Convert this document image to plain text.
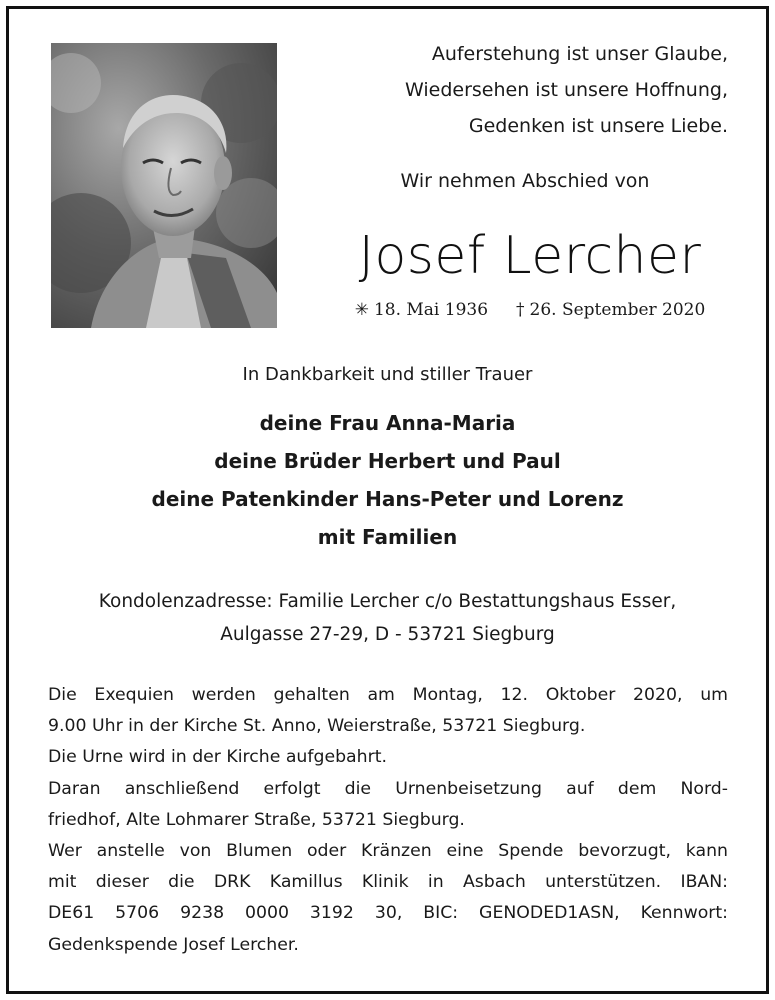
Auferstehung ist unser Glaube,
Wiedersehen ist unsere Hoffnung,
Gedenken ist unsere Liebe.
Wir nehmen Abschied von
Josef Lercher
✳ 18. Mai 1936 † 26. September 2020
In Dankbarkeit und stiller Trauer
deine Frau Anna-Maria
deine Brüder Herbert und Paul
deine Patenkinder Hans-Peter und Lorenz
mit Familien
Kondolenzadresse: Familie Lercher c/o Bestattungshaus Esser,
Aulgasse 27-29, D - 53721 Siegburg
Die Exequien werden gehalten am Montag, 12. Oktober 2020, um
9.00 Uhr in der Kirche St. Anno, Weierstraße, 53721 Siegburg.
Die Urne wird in der Kirche aufgebahrt.
Daran anschließend erfolgt die Urnenbeisetzung auf dem Nord-
friedhof, Alte Lohmarer Straße, 53721 Siegburg.
Wer anstelle von Blumen oder Kränzen eine Spende bevorzugt, kann
mit dieser die DRK Kamillus Klinik in Asbach unterstützen. IBAN:
DE61 5706 9238 0000 3192 30, BIC: GENODED1ASN, Kennwort:
Gedenkspende Josef Lercher.
